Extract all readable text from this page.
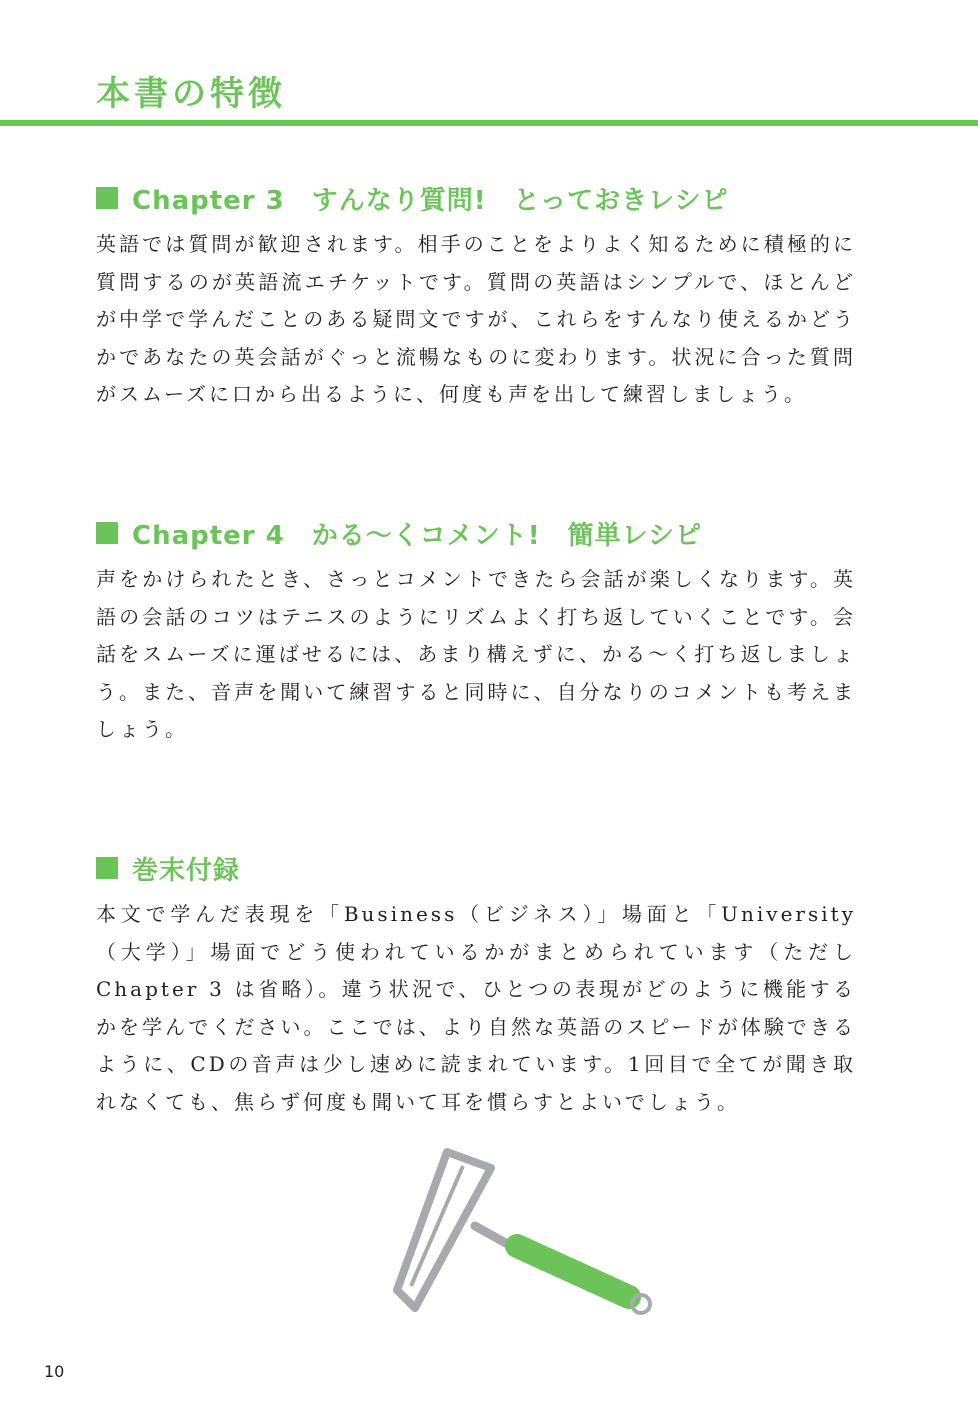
本書の特徴
Chapter 3　すんなり質問!　とっておきレシピ

英語では質問が歓迎されます。相手のことをよりよく知るために積極的に質問するのが英語流エチケットです。質問の英語はシンプルで、ほとんどが中学で学んだことのある疑問文ですが、これらをすんなり使えるかどうかであなたの英会話がぐっと流暢なものに変わります。状況に合った質問がスムーズに口から出るように、何度も声を出して練習しましょう。

Chapter 4　かる～くコメント!　簡単レシピ

声をかけられたとき、さっとコメントできたら会話が楽しくなります。英語の会話のコツはテニスのようにリズムよく打ち返していくことです。会話をスムーズに運ばせるには、あまり構えずに、かる～く打ち返しましょう。また、音声を聞いて練習すると同時に、自分なりのコメントも考えましょう。

巻末付録

本文で学んだ表現を「Business（ビジネス）」場面と「University（大学）」場面でどう使われているかがまとめられています（ただしChapter 3 は省略）。違う状況で、ひとつの表現がどのように機能するかを学んでください。ここでは、より自然な英語のスピードが体験できるように、CDの音声は少し速めに読まれています。1回目で全てが聞き取れなくても、焦らず何度も聞いて耳を慣らすとよいでしょう。

10
